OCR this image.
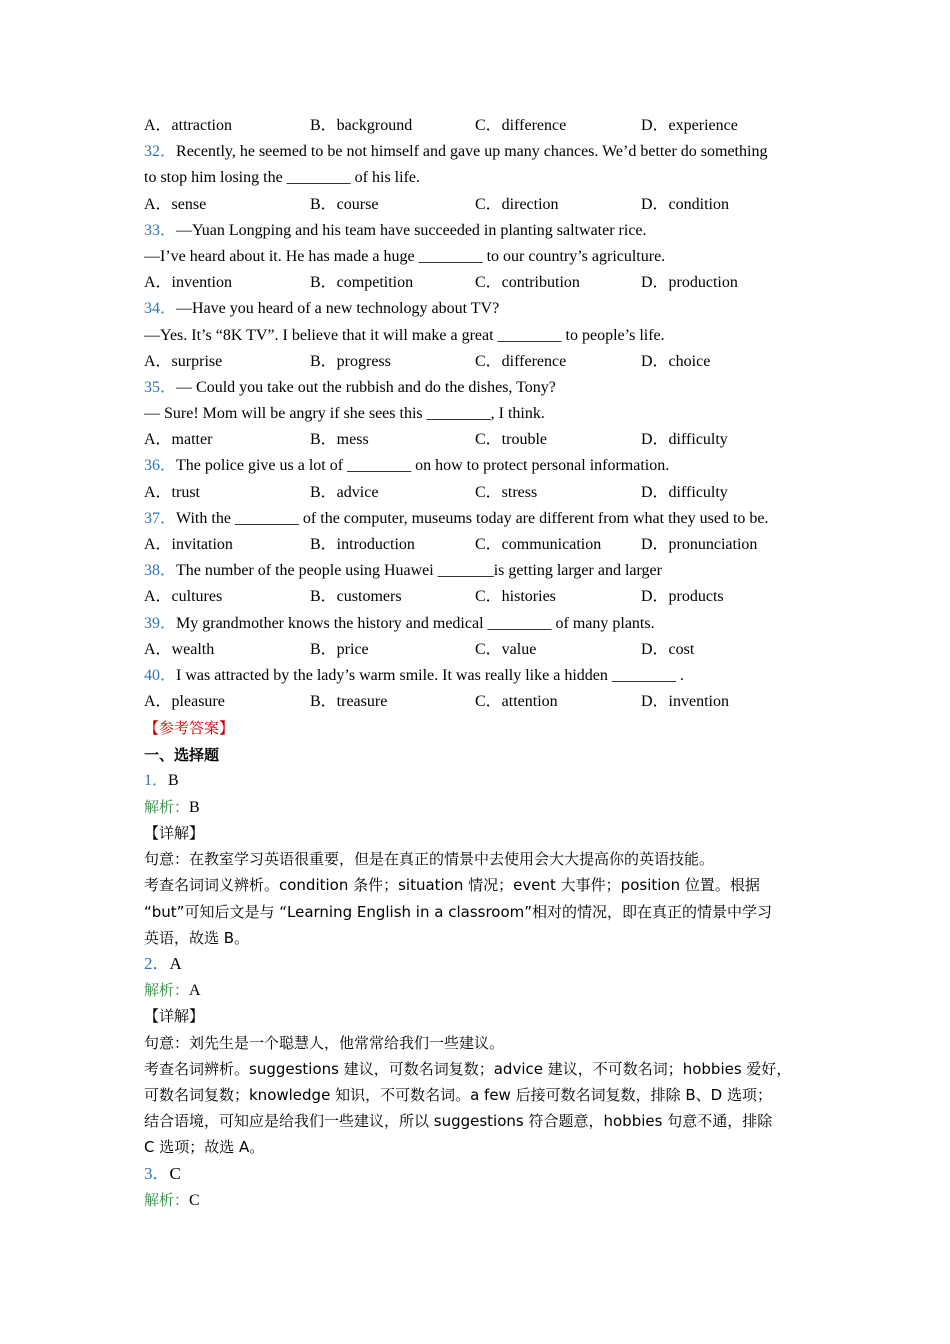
A．attraction	B．background	C．difference	D．experience
32．Recently, he seemed to be not himself and gave up many chances. We’d better do something
to stop him losing the ________ of his life.
A．sense	B．course	C．direction	D．condition
33．—Yuan Longping and his team have succeeded in planting saltwater rice.
—I’ve heard about it. He has made a huge ________ to our country’s agriculture.
A．invention	B．competition	C．contribution	D．production
34．—Have you heard of a new technology about TV?
—Yes. It’s “8K TV”. I believe that it will make a great ________ to people’s life.
A．surprise	B．progress	C．difference	D．choice
35．— Could you take out the rubbish and do the dishes, Tony?
— Sure! Mom will be angry if she sees this ________, I think.
A．matter	B．mess	C．trouble	D．difficulty
36．The police give us a lot of ________ on how to protect personal information.
A．trust	B．advice	C．stress	D．difficulty
37．With the ________ of the computer, museums today are different from what they used to be.
A．invitation	B．introduction	C．communication D．pronunciation
38．The number of the people using Huawei _______is getting larger and larger
A．cultures	B．customers	C．histories	D．products
39．My grandmother knows the history and medical ________ of many plants.
A．wealth	B．price	C．value	D．cost
40．I was attracted by the lady’s warm smile. It was really like a hidden ________ .
A．pleasure	B．treasure	C．attention	D．invention
【参考答案】
一、选择题
1．B
解析：B
【详解】
句意：在教室学习英语很重要，但是在真正的情景中去使用会大大提高你的英语技能。
考查名词词义辨析。condition 条件；situation 情况；event 大事件；position 位置。根据
“but”可知后文是与 “Learning English in a classroom”相对的情况，即在真正的情景中学习
英语，故选 B。
2．A
解析：A
【详解】
句意：刘先生是一个聪慧人，他常常给我们一些建议。
考查名词辨析。suggestions 建议，可数名词复数；advice 建议，不可数名词；hobbies 爱好，
可数名词复数；knowledge 知识，不可数名词。a few 后接可数名词复数，排除 B、D 选项；
结合语境，可知应是给我们一些建议，所以 suggestions 符合题意，hobbies 句意不通，排除
C 选项；故选 A。
3．C
解析：C
